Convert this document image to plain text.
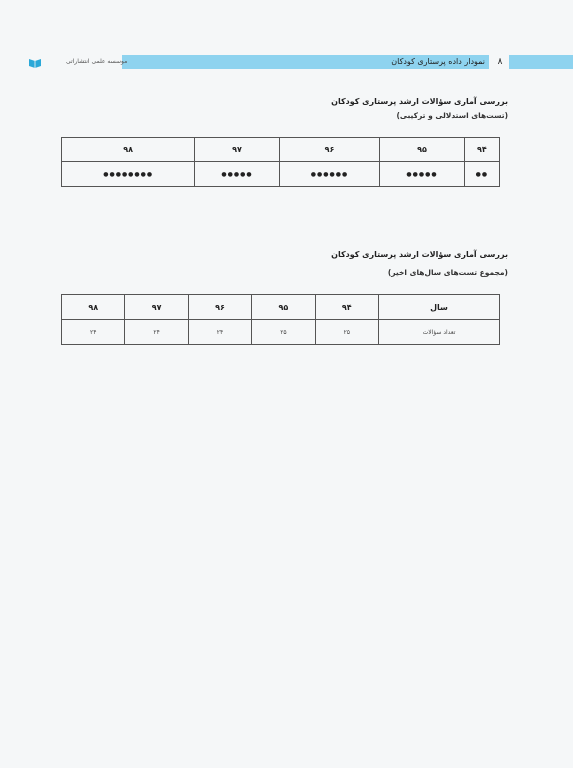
نمودار داده پرستاری کودکان	۸
موسسه علمی انتشاراتی
بررسی آماری سؤالات ارشد پرستاری کودکان
(تست‌های استدلالی و ترکیبی)
۹۴	۹۵	۹۶	۹۷	۹۸
●●	●●●●●	●●●●●●	●●●●●	●●●●●●●●
بررسی آماری سؤالات ارشد پرستاری کودکان
(مجموع تست‌های سال‌های اخیر)
سال	۹۴	۹۵	۹۶	۹۷	۹۸
تعداد سؤالات	۲۵	۲۵	۲۴	۲۴	۲۴
